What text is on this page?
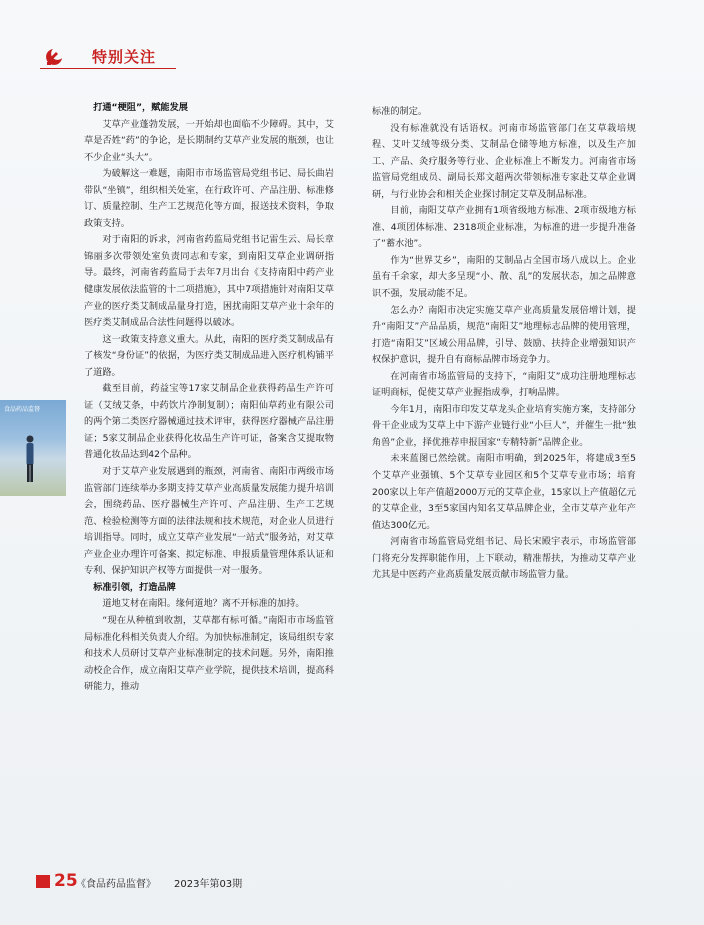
特别关注

打通“梗阻”，赋能发展

艾草产业蓬勃发展，一开始却也面临不少障碍。其中，艾草是否姓“药”的争论，是长期制约艾草产业发展的瓶颈，也让不少企业“头大”。

为破解这一难题，南阳市市场监管局党组书记、局长曲岩带队“坐镇”，组织相关处室，在行政许可、产品注册、标准修订、质量控制、生产工艺规范化等方面，报送技术资料，争取政策支持。

对于南阳的诉求，河南省药监局党组书记雷生云、局长章锦丽多次带领处室负责同志和专家，到南阳艾草企业调研指导。最终，河南省药监局于去年7月出台《支持南阳中药产业健康发展依法监管的十二项措施》，其中7项措施针对南阳艾草产业的医疗类艾制成品量身打造，困扰南阳艾草产业十余年的医疗类艾制成品合法性问题得以破冰。

这一政策支持意义重大。从此，南阳的医疗类艾制成品有了核发“身份证”的依据，为医疗类艾制成品进入医疗机构铺平了道路。

截至目前，药益宝等17家艾制品企业获得药品生产许可证（艾绒艾条，中药饮片净制复制）；南阳仙草药业有限公司的两个第二类医疗器械通过技术评审，获得医疗器械产品注册证；5家艾制品企业获得化妆品生产许可证，备案含艾提取物普通化妆品达到42个品种。

对于艾草产业发展遇到的瓶颈，河南省、南阳市两级市场监管部门连续举办多期支持艾草产业高质量发展能力提升培训会，围绕药品、医疗器械生产许可、产品注册、生产工艺规范、检验检测等方面的法律法规和技术规范，对企业人员进行培训指导。同时，成立艾草产业发展“一站式”服务站，对艾草产业企业办理许可备案、拟定标准、申报质量管理体系认证和专利、保护知识产权等方面提供一对一服务。

标准引领，打造品牌

道地艾材在南阳。缘何道地？离不开标准的加持。

“现在从种植到收割，艾草都有标可循。”南阳市市场监管局标准化科相关负责人介绍。为加快标准制定，该局组织专家和技术人员研讨艾草产业标准制定的技术问题。另外，南阳推动校企合作，成立南阳艾草产业学院，提供技术培训，提高科研能力，推动

标准的制定。

没有标准就没有话语权。河南市场监管部门在艾草栽培规程、艾叶艾绒等级分类、艾制品仓储等地方标准，以及生产加工、产品、灸疗服务等行业、企业标准上不断发力。河南省市场监管局党组成员、副局长郑文超两次带领标准专家赴艾草企业调研，与行业协会和相关企业探讨制定艾草及制品标准。

目前，南阳艾草产业拥有1项省级地方标准、2项市级地方标准、4项团体标准、2318项企业标准，为标准的进一步提升准备了“蓄水池”。

作为“世界艾乡”，南阳的艾制品占全国市场八成以上。企业虽有千余家，却大多呈现“小、散、乱”的发展状态，加之品牌意识不强，发展动能不足。

怎么办？南阳市决定实施艾草产业高质量发展倍增计划，提升“南阳艾”产品品质，规范“南阳艾”地理标志品牌的使用管理，打造“南阳艾”区域公用品牌，引导、鼓励、扶持企业增强知识产权保护意识，提升自有商标品牌市场竞争力。

在河南省市场监管局的支持下，“南阳艾”成功注册地理标志证明商标，促使艾草产业握指成拳，打响品牌。

今年1月，南阳市印发艾草龙头企业培育实施方案，支持部分骨干企业成为艾草上中下游产业链行业“小巨人”，并催生一批“独角兽”企业，择优推荐申报国家“专精特新”品牌企业。

未来蓝图已然绘就。南阳市明确，到2025年，将建成3至5个艾草产业强镇、5个艾草专业园区和5个艾草专业市场；培育200家以上年产值超2000万元的艾草企业，15家以上产值超亿元的艾草企业，3至5家国内知名艾草品牌企业，全市艾草产业年产值达300亿元。

河南省市场监管局党组书记、局长宋殿宇表示，市场监管部门将充分发挥职能作用，上下联动，精准帮扶，为推动艾草产业尤其是中医药产业高质量发展贡献市场监管力量。

食品药品监督
25
《食品药品监督》 2023年第03期
